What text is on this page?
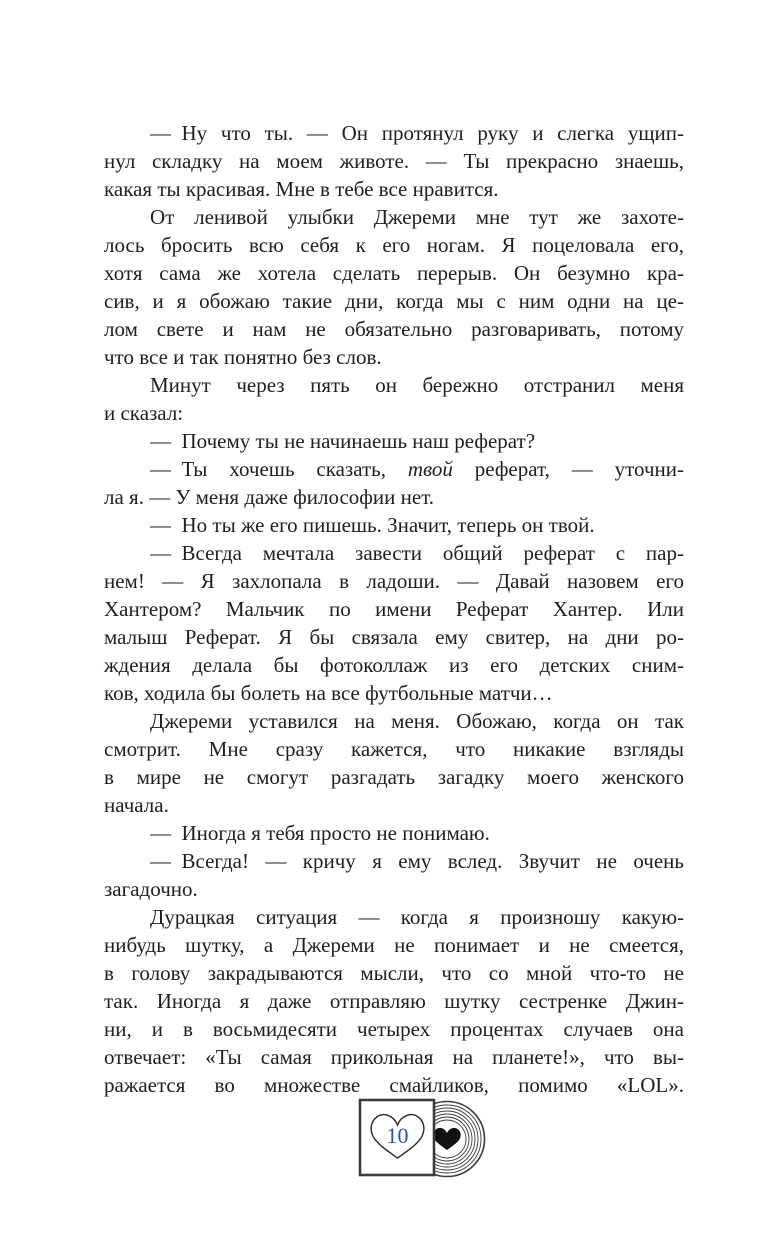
— Ну что ты. — Он протянул руку и слегка ущип-
нул складку на моем животе. — Ты прекрасно знаешь,
какая ты красивая. Мне в тебе все нравится.
От ленивой улыбки Джереми мне тут же захоте-
лось бросить всю себя к его ногам. Я поцеловала его,
хотя сама же хотела сделать перерыв. Он безумно кра-
сив, и я обожаю такие дни, когда мы с ним одни на це-
лом свете и нам не обязательно разговаривать, потому
что все и так понятно без слов.
Минут через пять он бережно отстранил меня
и сказал:
— Почему ты не начинаешь наш реферат?
— Ты хочешь сказать, твой реферат, — уточни-
ла я. — У меня даже философии нет.
— Но ты же его пишешь. Значит, теперь он твой.
— Всегда мечтала завести общий реферат с пар-
нем! — Я захлопала в ладоши. — Давай назовем его
Хантером? Мальчик по имени Реферат Хантер. Или
малыш Реферат. Я бы связала ему свитер, на дни ро-
ждения делала бы фотоколлаж из его детских сним-
ков, ходила бы болеть на все футбольные матчи…
Джереми уставился на меня. Обожаю, когда он так
смотрит. Мне сразу кажется, что никакие взгляды
в мире не смогут разгадать загадку моего женского
начала.
— Иногда я тебя просто не понимаю.
— Всегда! — кричу я ему вслед. Звучит не очень
загадочно.
Дурацкая ситуация — когда я произношу какую-
нибудь шутку, а Джереми не понимает и не смеется,
в голову закрадываются мысли, что со мной что-то не
так. Иногда я даже отправляю шутку сестренке Джин-
ни, и в восьмидесяти четырех процентах случаев она
отвечает: «Ты самая прикольная на планете!», что вы-
ражается во множестве смайликов, помимо «LOL».
10
